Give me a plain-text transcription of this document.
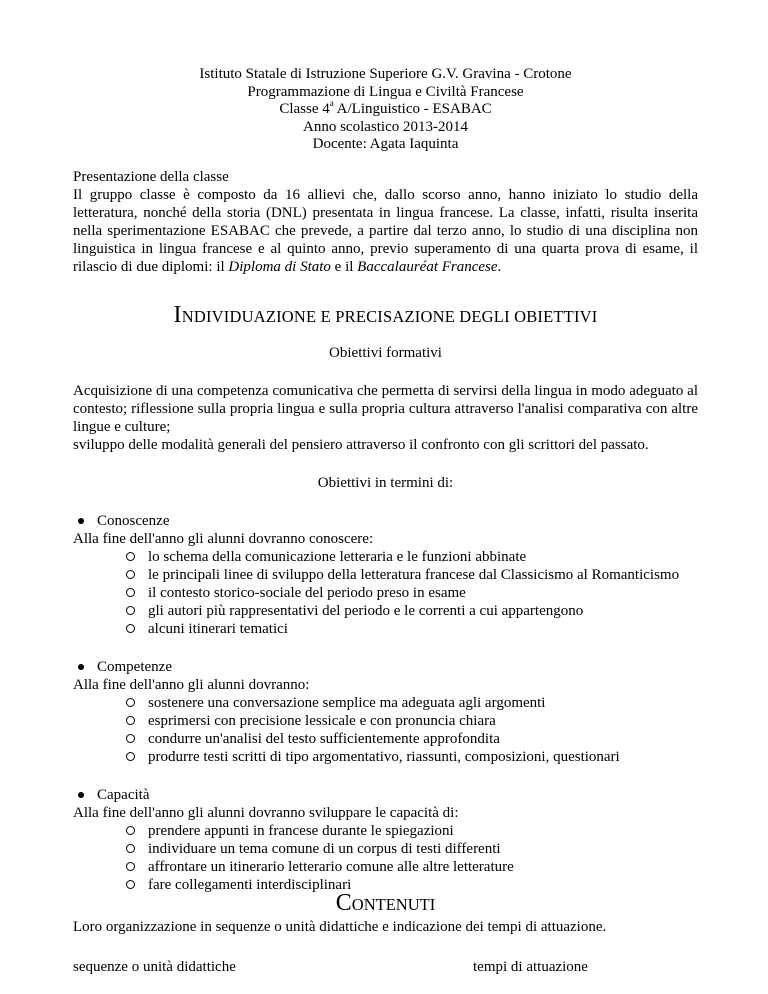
Istituto Statale di Istruzione Superiore G.V. Gravina - Crotone
Programmazione di Lingua e Civiltà Francese
Classe 4$^a$ A/Linguistico - ESABAC
Anno scolastico 2013-2014
Docente: Agata Iaquinta
Presentazione della classe
Il gruppo classe è composto da 16 allievi che, dallo scorso anno, hanno iniziato lo studio della letteratura, nonché della storia (DNL) presentata in lingua francese. La classe, infatti, risulta inserita nella sperimentazione ESABAC che prevede, a partire dal terzo anno, lo studio di una disciplina non linguistica in lingua francese e al quinto anno, previo superamento di una quarta prova di esame, il rilascio di due diplomi: il Diploma di Stato e il Baccalauréat Francese.
INDIVIDUAZIONE E PRECISAZIONE DEGLI OBIETTIVI
Obiettivi formativi
Acquisizione di una competenza comunicativa che permetta di servirsi della lingua in modo adeguato al contesto; riflessione sulla propria lingua e sulla propria cultura attraverso l'analisi comparativa con altre lingue e culture;
sviluppo delle modalità generali del pensiero attraverso il confronto con gli scrittori del passato.
Obiettivi in termini di:
Conoscenze
Alla fine dell'anno gli alunni dovranno conoscere:
lo schema della comunicazione letteraria e le funzioni abbinate
le principali linee di sviluppo della letteratura francese dal Classicismo al Romanticismo
il contesto storico-sociale del periodo preso in esame
gli autori più rappresentativi del periodo e le correnti a cui appartengono
alcuni itinerari tematici
Competenze
Alla fine dell'anno gli alunni dovranno:
sostenere una conversazione semplice ma adeguata agli argomenti
esprimersi con precisione lessicale e con pronuncia chiara
condurre un'analisi del testo sufficientemente approfondita
produrre testi scritti di tipo argomentativo, riassunti, composizioni, questionari
Capacità
Alla fine dell'anno gli alunni dovranno sviluppare le capacità di:
prendere appunti in francese durante le spiegazioni
individuare un tema comune di un corpus di testi differenti
affrontare un itinerario letterario comune alle altre letterature
fare collegamenti interdisciplinari
CONTENUTI
Loro organizzazione in sequenze o unità didattiche e indicazione dei tempi di attuazione.
sequenze o unità didattiche	tempi di attuazione
